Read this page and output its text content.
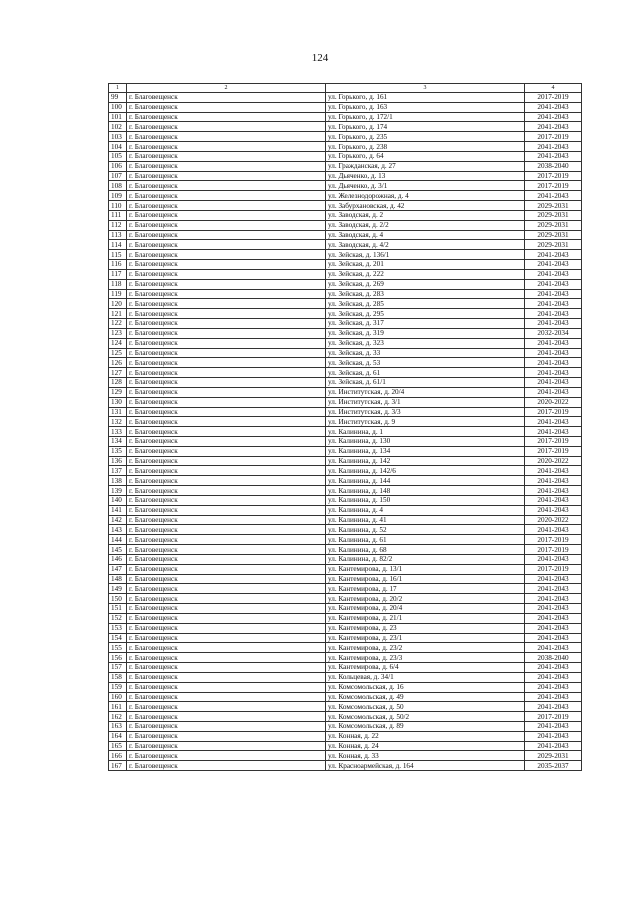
124
1	2	3	4
99	г. Благовещенск	ул. Горького, д. 161	2017-2019
100	г. Благовещенск	ул. Горького, д. 163	2041-2043
101	г. Благовещенск	ул. Горького, д. 172/1	2041-2043
102	г. Благовещенск	ул. Горького, д. 174	2041-2043
103	г. Благовещенск	ул. Горького, д. 235	2017-2019
104	г. Благовещенск	ул. Горького, д. 238	2041-2043
105	г. Благовещенск	ул. Горького, д. 64	2041-2043
106	г. Благовещенск	ул. Гражданская, д. 27	2038-2040
107	г. Благовещенск	ул. Дьяченко, д. 13	2017-2019
108	г. Благовещенск	ул. Дьяченко, д. 3/1	2017-2019
109	г. Благовещенск	ул. Железнодорожная, д. 4	2041-2043
110	г. Благовещенск	ул. Забурхановская, д. 42	2029-2031
111	г. Благовещенск	ул. Заводская, д. 2	2029-2031
112	г. Благовещенск	ул. Заводская, д. 2/2	2029-2031
113	г. Благовещенск	ул. Заводская, д. 4	2029-2031
114	г. Благовещенск	ул. Заводская, д. 4/2	2029-2031
115	г. Благовещенск	ул. Зейская, д. 136/1	2041-2043
116	г. Благовещенск	ул. Зейская, д. 201	2041-2043
117	г. Благовещенск	ул. Зейская, д. 222	2041-2043
118	г. Благовещенск	ул. Зейская, д. 269	2041-2043
119	г. Благовещенск	ул. Зейская, д. 283	2041-2043
120	г. Благовещенск	ул. Зейская, д. 285	2041-2043
121	г. Благовещенск	ул. Зейская, д. 295	2041-2043
122	г. Благовещенск	ул. Зейская, д. 317	2041-2043
123	г. Благовещенск	ул. Зейская, д. 319	2032-2034
124	г. Благовещенск	ул. Зейская, д. 323	2041-2043
125	г. Благовещенск	ул. Зейская, д. 33	2041-2043
126	г. Благовещенск	ул. Зейская, д. 53	2041-2043
127	г. Благовещенск	ул. Зейская, д. 61	2041-2043
128	г. Благовещенск	ул. Зейская, д. 61/1	2041-2043
129	г. Благовещенск	ул. Институтская, д. 20/4	2041-2043
130	г. Благовещенск	ул. Институтская, д. 3/1	2020-2022
131	г. Благовещенск	ул. Институтская, д. 3/3	2017-2019
132	г. Благовещенск	ул. Институтская, д. 9	2041-2043
133	г. Благовещенск	ул. Калинина, д. 1	2041-2043
134	г. Благовещенск	ул. Калинина, д. 130	2017-2019
135	г. Благовещенск	ул. Калинина, д. 134	2017-2019
136	г. Благовещенск	ул. Калинина, д. 142	2020-2022
137	г. Благовещенск	ул. Калинина, д. 142/6	2041-2043
138	г. Благовещенск	ул. Калинина, д. 144	2041-2043
139	г. Благовещенск	ул. Калинина, д. 148	2041-2043
140	г. Благовещенск	ул. Калинина, д. 150	2041-2043
141	г. Благовещенск	ул. Калинина, д. 4	2041-2043
142	г. Благовещенск	ул. Калинина, д. 41	2020-2022
143	г. Благовещенск	ул. Калинина, д. 52	2041-2043
144	г. Благовещенск	ул. Калинина, д. 61	2017-2019
145	г. Благовещенск	ул. Калинина, д. 68	2017-2019
146	г. Благовещенск	ул. Калинина, д. 82/2	2041-2043
147	г. Благовещенск	ул. Кантемирова, д. 13/1	2017-2019
148	г. Благовещенск	ул. Кантемирова, д. 16/1	2041-2043
149	г. Благовещенск	ул. Кантемирова, д. 17	2041-2043
150	г. Благовещенск	ул. Кантемирова, д. 20/2	2041-2043
151	г. Благовещенск	ул. Кантемирова, д. 20/4	2041-2043
152	г. Благовещенск	ул. Кантемирова, д. 21/1	2041-2043
153	г. Благовещенск	ул. Кантемирова, д. 23	2041-2043
154	г. Благовещенск	ул. Кантемирова, д. 23/1	2041-2043
155	г. Благовещенск	ул. Кантемирова, д. 23/2	2041-2043
156	г. Благовещенск	ул. Кантемирова, д. 23/3	2038-2040
157	г. Благовещенск	ул. Кантемирова, д. 6/4	2041-2043
158	г. Благовещенск	ул. Кольцевая, д. 34/1	2041-2043
159	г. Благовещенск	ул. Комсомольская, д. 16	2041-2043
160	г. Благовещенск	ул. Комсомольская, д. 49	2041-2043
161	г. Благовещенск	ул. Комсомольская, д. 50	2041-2043
162	г. Благовещенск	ул. Комсомольская, д. 50/2	2017-2019
163	г. Благовещенск	ул. Комсомольская, д. 89	2041-2043
164	г. Благовещенск	ул. Конная, д. 22	2041-2043
165	г. Благовещенск	ул. Конная, д. 24	2041-2043
166	г. Благовещенск	ул. Конная, д. 33	2029-2031
167	г. Благовещенск	ул. Красноармейская, д. 164	2035-2037
